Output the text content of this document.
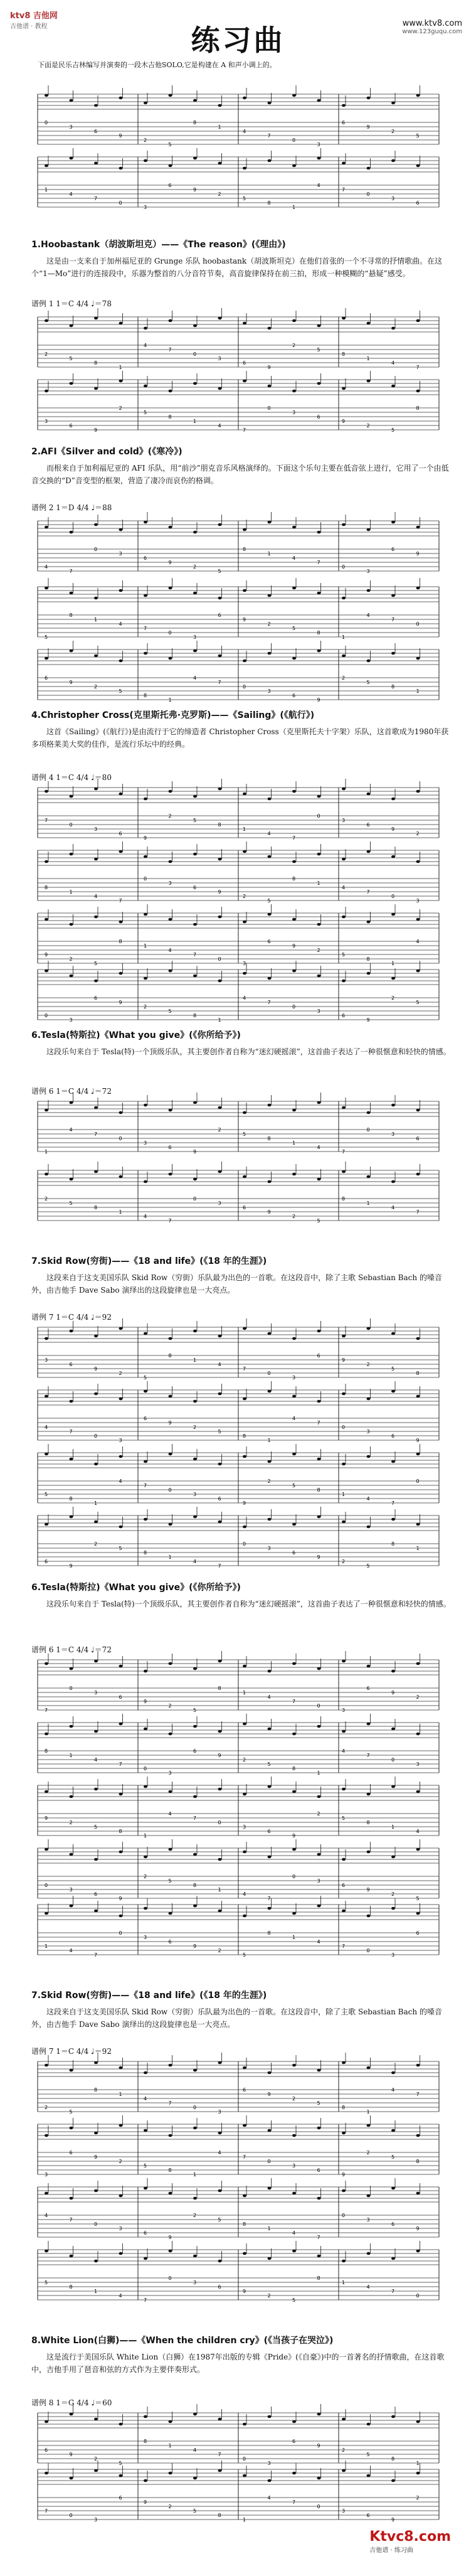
ktv8 吉他网
吉他谱 · 教程	练习曲	www.ktv8.com
www.123guqu.com
下面是民乐吉林编写并演奏的一段木吉他SOLO,它是构建在 A 和声小调上的。
0
3
6
9
2
5
8
1
4
7
0
3
6
9
2
5
1
4
7
0
3
6
9
2
5
8
1
4
7
0
3
6
1.Hoobastank（胡波斯坦克）——《The reason》(《理由》)

这是由一支来自于加州福尼亚的 Grunge 乐队 hoobastank（胡波斯坦克）在他们首张的一个不寻常的抒情歌曲。在这个“1—Mo”进行的连接段中，乐器为整首的八分音符节奏，高音旋律保持在前三拍，形成一种模糊的“悬疑”感受。

谱例 1 1＝C 4/4 ♩＝78
2
5
8
1
4
7
0
3
6
9
2
5
8
1
4
7
3
6
9
2
5
8
1
4
7
0
3
6
9
2
5
8
2.AFI《Silver and cold》(《寒冷》)

而根来自于加利福尼亚的 AFI 乐队，用“前沙”朋克音乐风格演绎的。下面这个乐句主要在低音弦上进行，它用了一个由低音交换的“D”音变型的框架，营造了凄冷而哀伤的格调。

谱例 2 1＝D 4/4 ♩＝88
4
7
0
3
6
9
2
5
8
1
4
7
0
3
6
9
5
8
1
4
7
0
3
6
9
2
5
8
1
4
7
0
6
9
2
5
8
1
4
7
0
3
6
9
2
5
8
1
4.Christopher Cross(克里斯托弗·克罗斯)——《Sailing》(《航行》)

这首《Sailing》(《航行》)是由流行于它的缔造者 Christopher Cross（克里斯托夫十字架）乐队，这首歌成为1980年获多项格莱美大奖的佳作，是流行乐坛中的经典。

谱例 4 1＝C 4/4 ♩＝80
7
0
3
6
9
2
5
8
1
4
7
0
3
6
9
2
8
1
4
7
0
3
6
9
2
5
8
1
4
7
0
3
9
2
5
8
1
4
7
0
3
6
9
2
5
8
1
4
0
3
6
9
2
5
8
1
4
7
0
3
6
9
2
5
6.Tesla(特斯拉)《What you give》(《你所给予》)

这段乐句来自于 Tesla(特)一个顶级乐队，其主要创作者自称为“迷幻硬摇滚”，这首曲子表达了一种很惬意和轻快的情感。

谱例 6 1＝C 4/4 ♩＝72
1
4
7
0
3
6
9
2
5
8
1
4
7
0
3
6
2
5
8
1
4
7
0
3
6
9
2
5
8
1
4
7
7.Skid Row(穷街)——《18 and life》(《18 年的生涯》)

这段来自于这支美国乐队 Skid Row（穷街）乐队最为出色的一首歌。在这段音中，除了主歌 Sebastian Bach 的嗓音外，由吉他手 Dave Sabo 演绎出的这段旋律也是一大亮点。

谱例 7 1＝C 4/4 ♩＝92
3
6
9
2
5
8
1
4
7
0
3
6
9
2
5
8
4
7
0
3
6
9
2
5
8
1
4
7
0
3
6
9
5
8
1
4
7
0
3
6
9
2
5
8
1
4
7
0
6
9
2
5
8
1
4
7
0
3
6
9
2
5
8
1
6.Tesla(特斯拉)《What you give》(《你所给予》)

这段乐句来自于 Tesla(特)一个顶级乐队，其主要创作者自称为“迷幻硬摇滚”，这首曲子表达了一种很惬意和轻快的情感。

谱例 6 1＝C 4/4 ♩＝72
7
0
3
6
9
2
5
8
1
4
7
0
3
6
9
2
8
1
4
7
0
3
6
9
2
5
8
1
4
7
0
3
9
2
5
8
1
4
7
0
3
6
9
2
5
8
1
4
0
3
6
9
2
5
8
1
4
7
0
3
6
9
2
5
1
4
7
0
3
6
9
2
5
8
1
4
7
0
3
6
7.Skid Row(穷街)——《18 and life》(《18 年的生涯》)

这段来自于这支美国乐队 Skid Row（穷街）乐队最为出色的一首歌。在这段音中，除了主歌 Sebastian Bach 的嗓音外，由吉他手 Dave Sabo 演绎出的这段旋律也是一大亮点。

谱例 7 1＝C 4/4 ♩＝92
2
5
8
1
4
7
0
3
6
9
2
5
8
1
4
7
3
6
9
2
5
8
1
4
7
0
3
6
9
2
5
8
4
7
0
3
6
9
2
5
8
1
4
7
0
3
6
9
5
8
1
4
7
0
3
6
9
2
5
8
1
4
7
0
8.White Lion(白狮)——《When the children cry》(《当孩子在哭泣》)

这是流行于美国乐队 White Lion（白狮）在1987年出版的专辑《Pride》(《自豪》)中的一首著名的抒情歌曲，在这首歌中，吉他手用了琶音和弦的方式作为主要伴奏形式。

谱例 8 1＝G 4/4 ♩＝60
6
9
2
5
8
1
4
7
0
3
6
9
2
5
8
1
7
0
3
6
9
2
5
8
1
4
7
0
3
6
9
2
Ktvc8.com
吉他谱 · 练习曲
